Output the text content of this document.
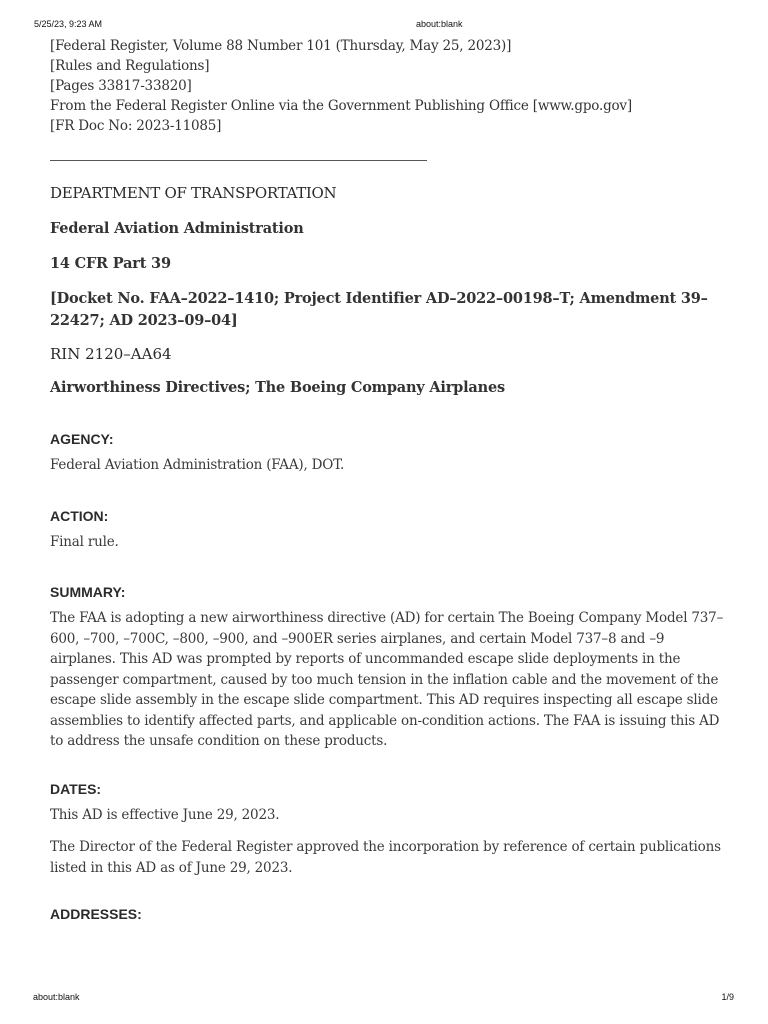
5/25/23, 9:23 AM	about:blank
[Federal Register, Volume 88 Number 101 (Thursday, May 25, 2023)]
[Rules and Regulations]
[Pages 33817-33820]
From the Federal Register Online via the Government Publishing Office [www.gpo.gov]
[FR Doc No: 2023-11085]
DEPARTMENT OF TRANSPORTATION
Federal Aviation Administration
14 CFR Part 39
[Docket No. FAA–2022–1410; Project Identifier AD–2022–00198–T; Amendment 39–22427; AD 2023–09–04]
RIN 2120–AA64
Airworthiness Directives; The Boeing Company Airplanes
AGENCY:
Federal Aviation Administration (FAA), DOT.
ACTION:
Final rule.
SUMMARY:
The FAA is adopting a new airworthiness directive (AD) for certain The Boeing Company Model 737–600, –700, –700C, –800, –900, and –900ER series airplanes, and certain Model 737–8 and –9 airplanes. This AD was prompted by reports of uncommanded escape slide deployments in the passenger compartment, caused by too much tension in the inflation cable and the movement of the escape slide assembly in the escape slide compartment. This AD requires inspecting all escape slide assemblies to identify affected parts, and applicable on-condition actions. The FAA is issuing this AD to address the unsafe condition on these products.
DATES:
This AD is effective June 29, 2023.
The Director of the Federal Register approved the incorporation by reference of certain publications listed in this AD as of June 29, 2023.
ADDRESSES:
about:blank	1/9
